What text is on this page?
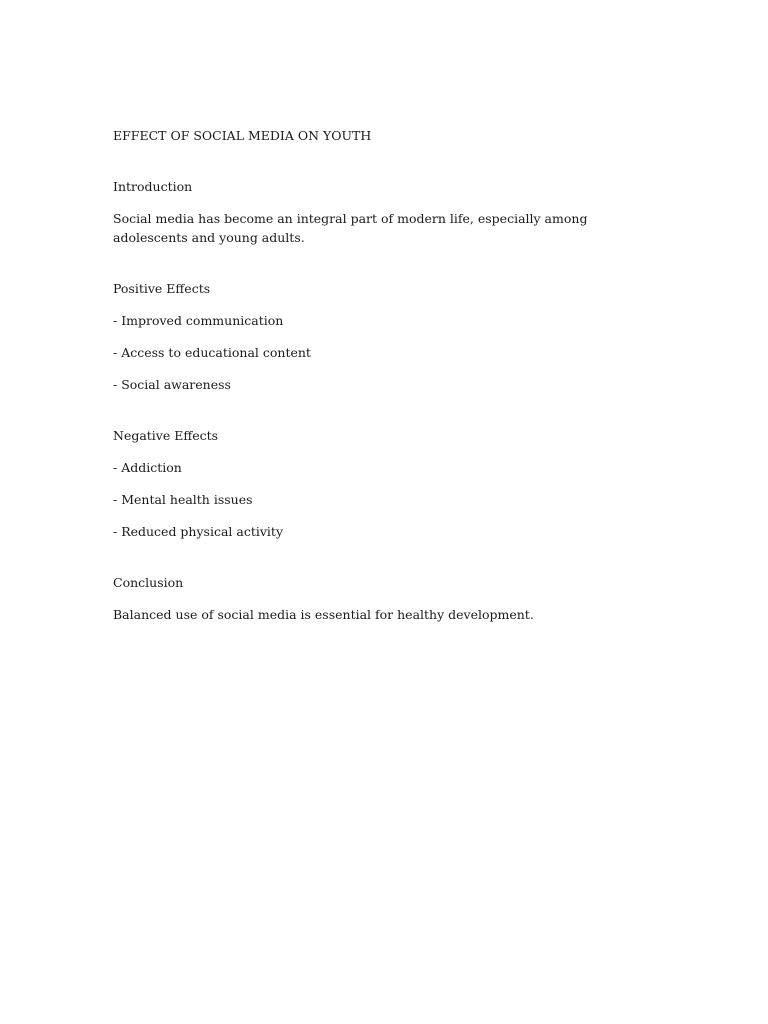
EFFECT OF SOCIAL MEDIA ON YOUTH

Introduction

Social media has become an integral part of modern life, especially among adolescents and young adults.

Positive Effects

- Improved communication
- Access to educational content
- Social awareness

Negative Effects

- Addiction
- Mental health issues
- Reduced physical activity

Conclusion

Balanced use of social media is essential for healthy development.
